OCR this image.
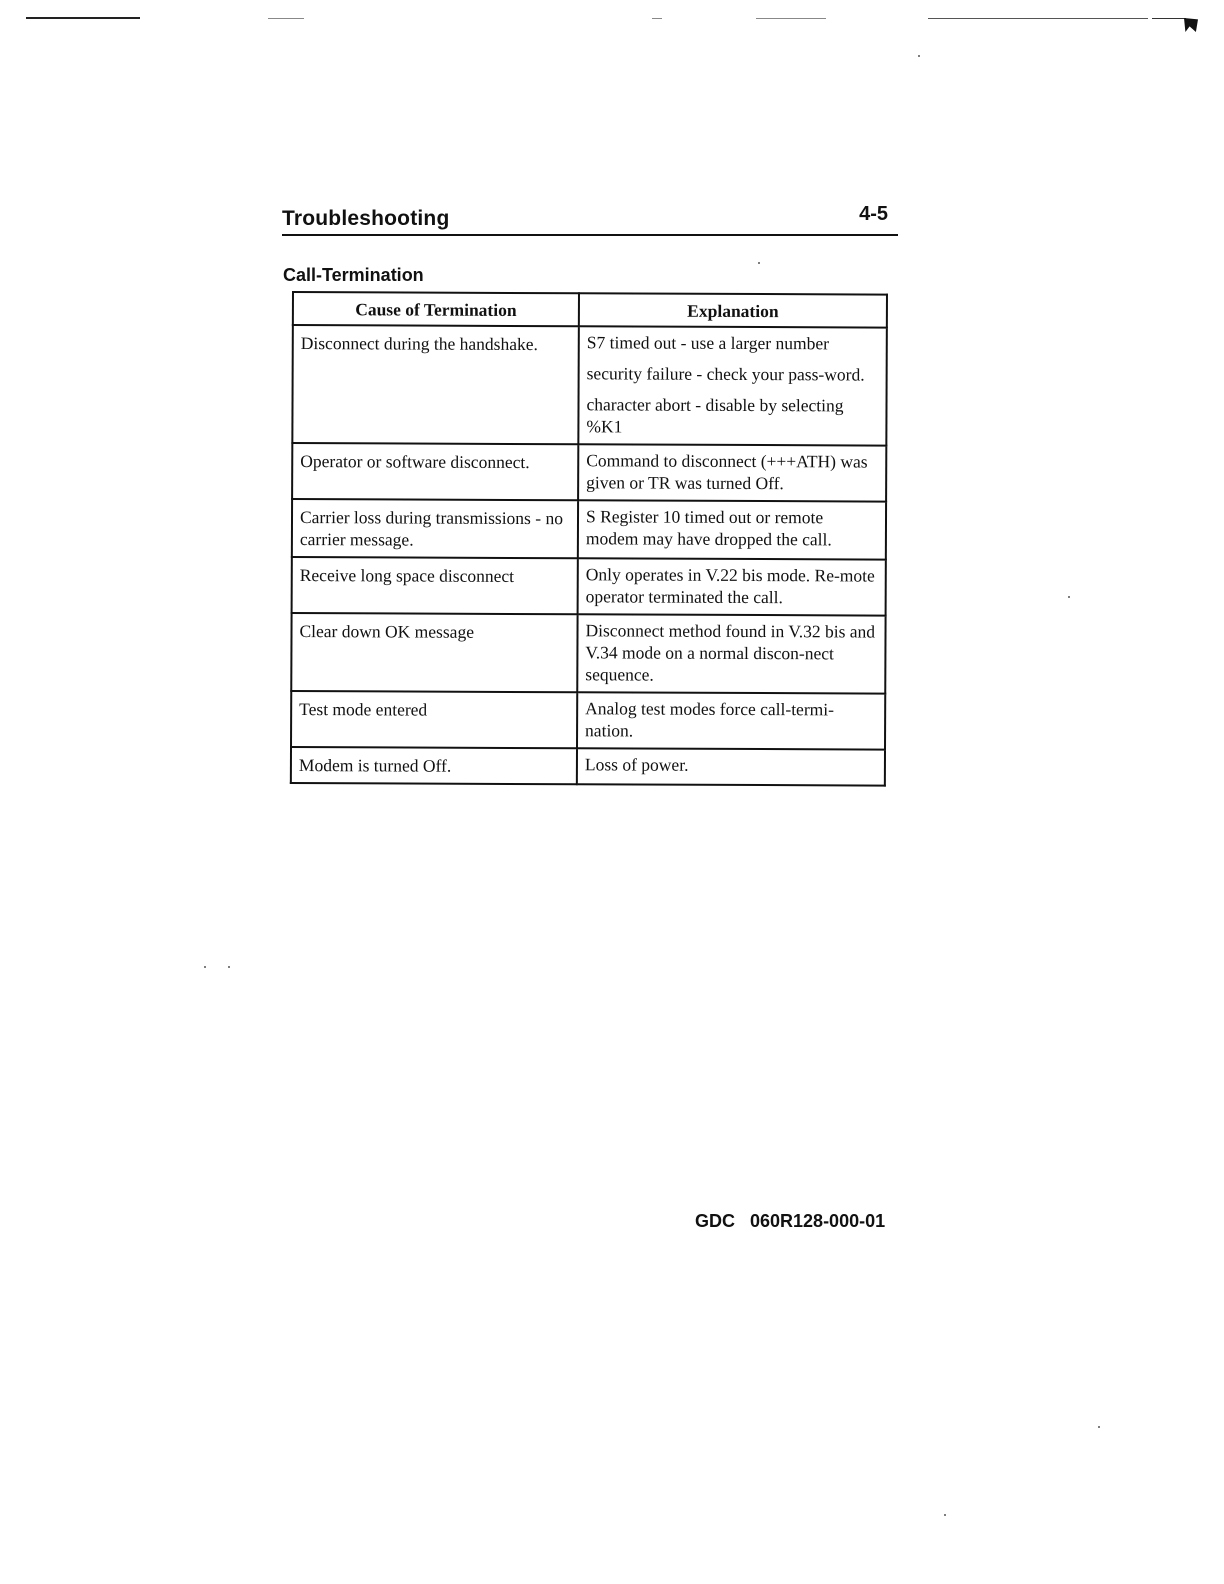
Troubleshooting	4-5
Call-Termination
Cause of Termination	Explanation
Disconnect during the handshake.	S7 timed out - use a larger number
security failure - check your pass-word.
character abort - disable by selecting %K1

Operator or software disconnect.	Command to disconnect (+++ATH) was given or TR was turned Off.

Carrier loss during transmissions - no carrier message.	S Register 10 timed out or remote modem may have dropped the call.

Receive long space disconnect	Only operates in V.22 bis mode. Re-mote operator terminated the call.

Clear down OK message	Disconnect method found in V.32 bis and V.34 mode on a normal discon-nect sequence.

Test mode entered	Analog test modes force call-termi-nation.

Modem is turned Off.	Loss of power.
GDC 060R128-000-01
